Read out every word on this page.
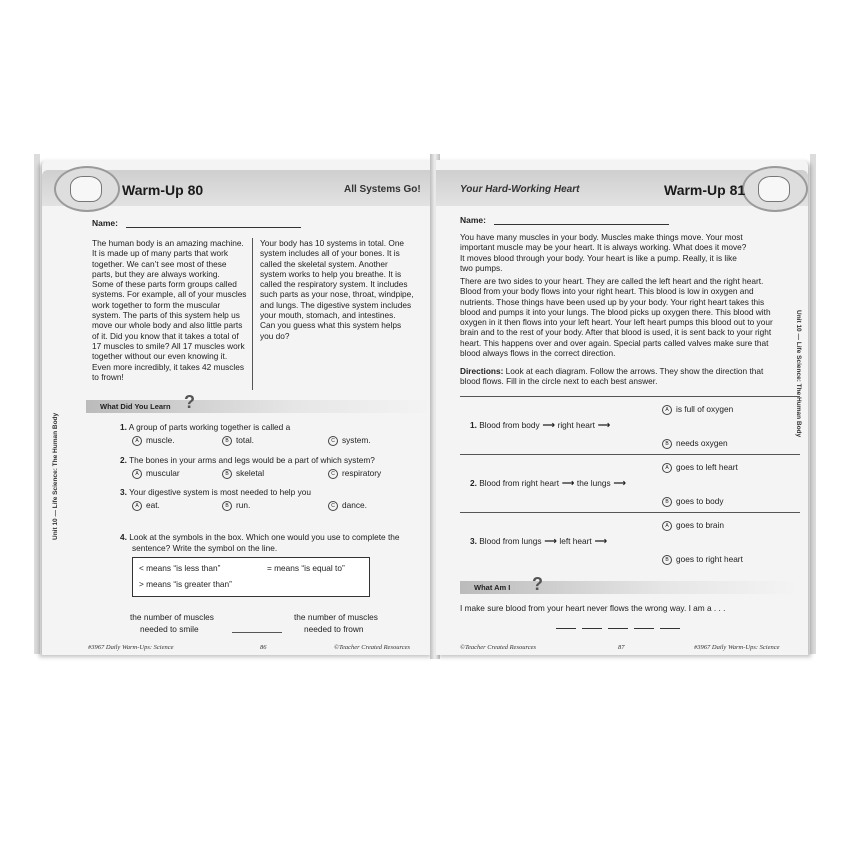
Warm-Up 80	All Systems Go!
Name:
The human body is an amazing machine.
It is made up of many parts that work
together. We can’t see most of these
parts, but they are always working.
Some of these parts form groups called
systems. For example, all of your muscles
work together to form the muscular
system. The parts of this system help us
move our whole body and also little parts
of it. Did you know that it takes a total of
17 muscles to smile? All 17 muscles work
together without our even knowing it.
Even more incredibly, it takes 42 muscles
to frown!
Your body has 10 systems in total. One
system includes all of your bones. It is
called the skeletal system. Another
system works to help you breathe. It is
called the respiratory system. It includes
such parts as your nose, throat, windpipe,
and lungs. The digestive system includes
your mouth, stomach, and intestines.
Can you guess what this system helps
you do?
What Did You Learn ?
4. Look at the symbols in the box. Which one would you use to complete the
sentence? Write the symbol on the line.
< means “is less than”	= means “is equal to”
> means “is greater than”
the number of muscles
needed to smile
the number of muscles
needed to frown
#3967 Daily Warm-Ups: Science	86	©Teacher Created Resources
Unit 10 — Life Science: The Human Body	1. A group of parts working together is called a
A muscle.	B total.	C system.
2. The bones in your arms and legs would be a part of which system?
A muscular	B skeletal	C respiratory
3. Your digestive system is most needed to help you
A eat.	B run.	C dance.
Your Hard-Working Heart	Warm-Up 81
Name:
You have many muscles in your body. Muscles make things move. Your most
important muscle may be your heart. It is always working. What does it move?
It moves blood through your body. Your heart is like a pump. Really, it is like
two pumps.
There are two sides to your heart. They are called the left heart and the right heart.
Blood from your body flows into your right heart. This blood is low in oxygen and
nutrients. Those things have been used up by your body. Your right heart takes this
blood and pumps it into your lungs. The blood picks up oxygen there. This blood with
oxygen in it then flows into your left heart. Your left heart pumps this blood out to your
brain and to the rest of your body. After that blood is used, it is sent back to your right
heart. This happens over and over again. Special parts called valves make sure that
blood always flows in the correct direction.
Directions: Look at each diagram. Follow the arrows. They show the direction that
blood flows. Fill in the circle next to each best answer.
What Am I ?
I make sure blood from your heart never flows the wrong way. I am a . . .
©Teacher Created Resources	87	#3967 Daily Warm-Ups: Science
Unit 10 — Life Science: The Human Body
1. Blood from body ⟶ right heart ⟶
A is full of oxygen
B needs oxygen
2. Blood from right heart ⟶ the lungs ⟶
A goes to left heart
B goes to body
3. Blood from lungs ⟶ left heart ⟶
A goes to brain
B goes to right heart
